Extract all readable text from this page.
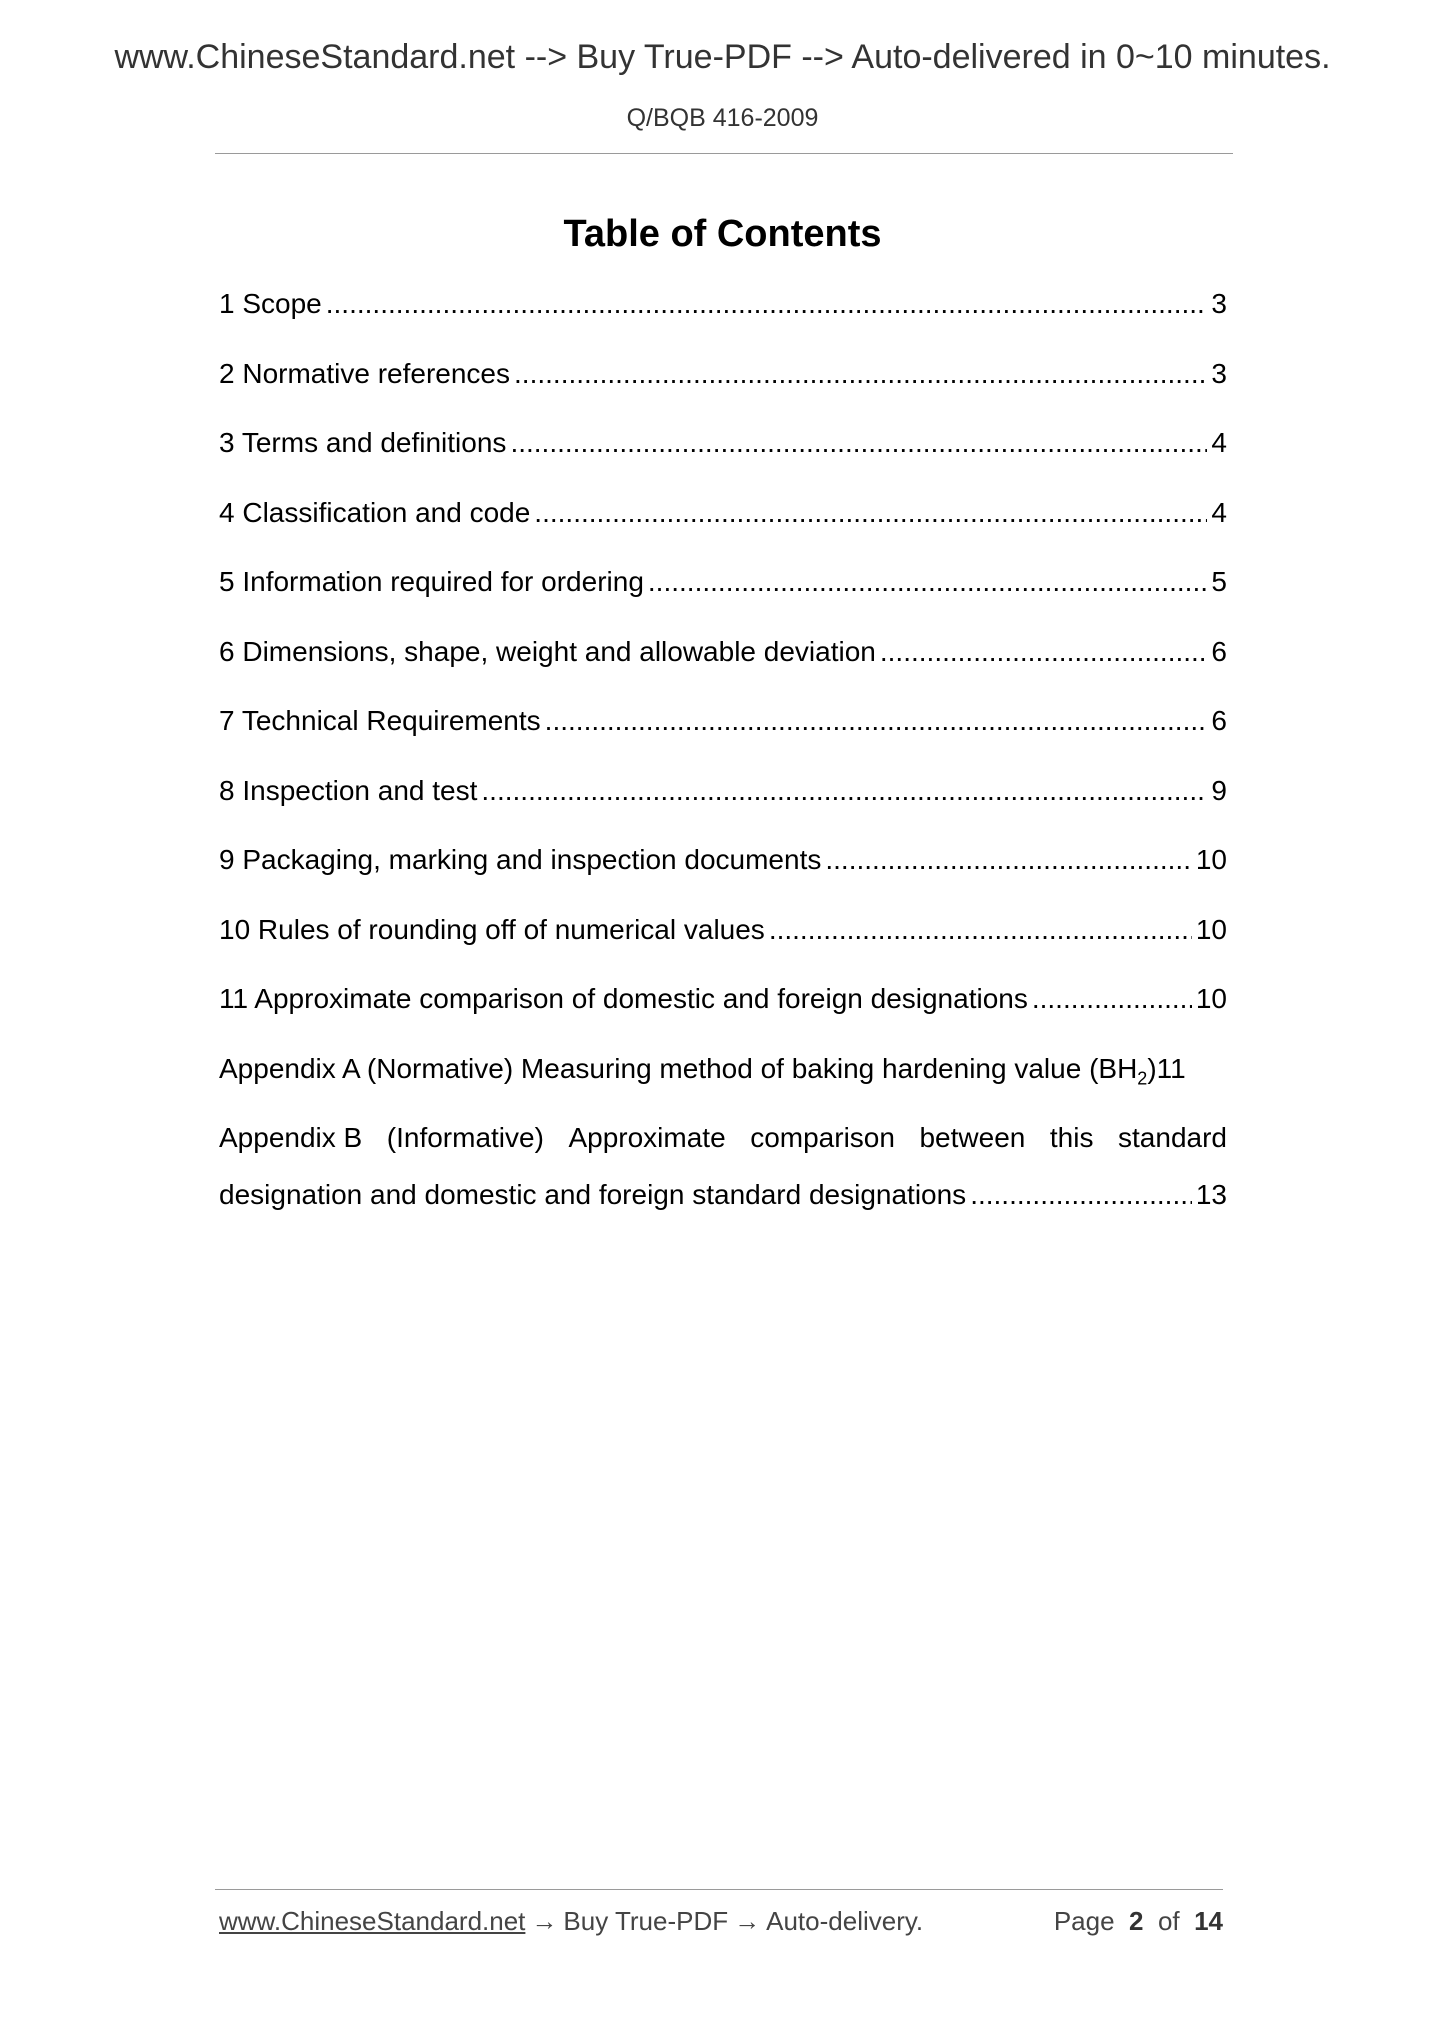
www.ChineseStandard.net --> Buy True-PDF --> Auto-delivered in 0~10 minutes.
Q/BQB 416-2009
Table of Contents
1 Scope .....	3
2 Normative references .....	3
3 Terms and definitions .....	4
4 Classification and code .....	4
5 Information required for ordering .....	5
6 Dimensions, shape, weight and allowable deviation .....	6
7 Technical Requirements .....	6
8 Inspection and test .....	9
9 Packaging, marking and inspection documents .....	10
10 Rules of rounding off of numerical values .....	10
11 Approximate comparison of domestic and foreign designations .....	10
Appendix A (Normative) Measuring method of baking hardening value $(BH_2)$ 11
Appendix B (Informative) Approximate comparison between this standard
designation and domestic and foreign standard designations .....	13
www.ChineseStandard.net → Buy True-PDF → Auto-delivery.	Page 2 of 14
